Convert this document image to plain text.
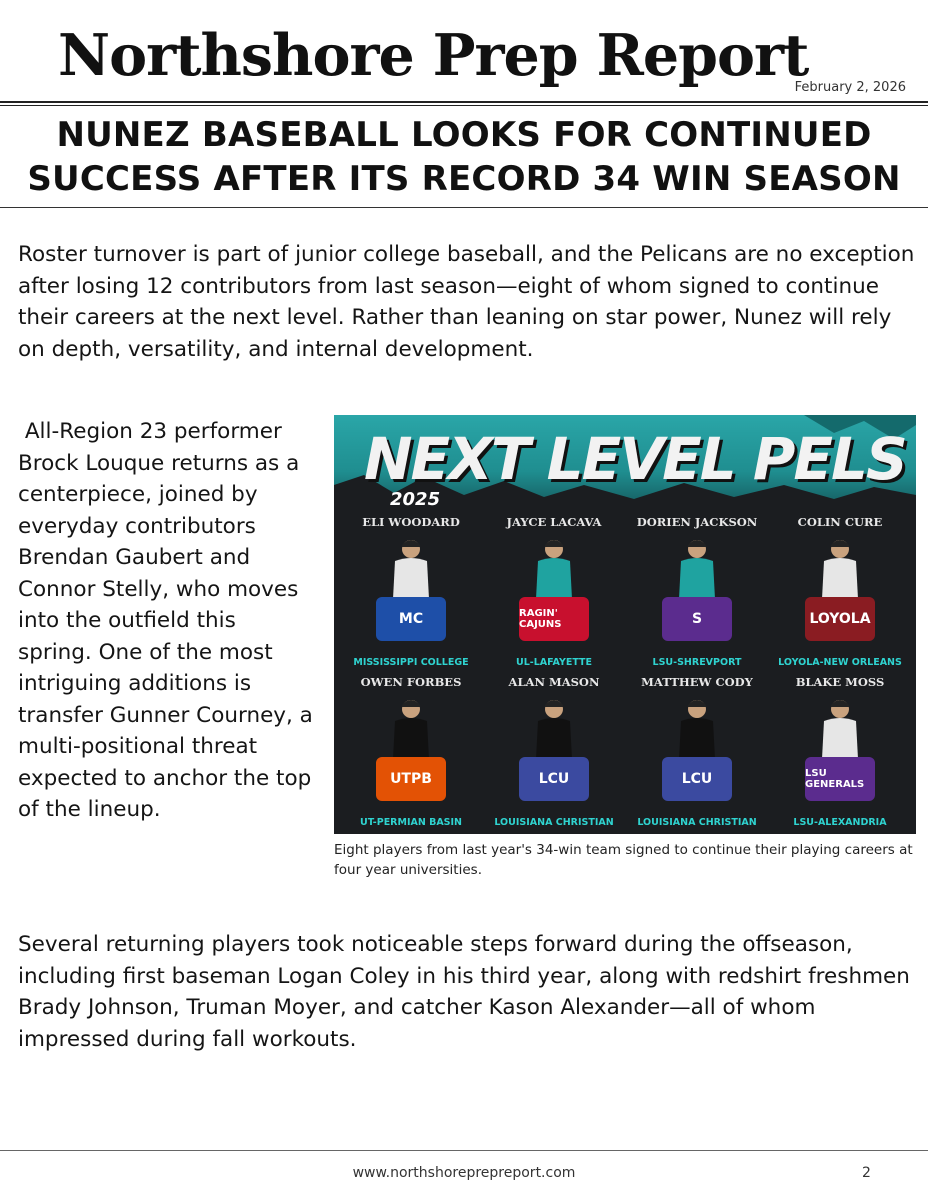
Northshore Prep Report
February 2, 2026
NUNEZ BASEBALL LOOKS FOR CONTINUED
SUCCESS AFTER ITS RECORD 34 WIN SEASON
Roster turnover is part of junior college baseball, and the Pelicans are no exception after losing 12 contributors from last season—eight of whom signed to continue their careers at the next level. Rather than leaning on star power, Nunez will rely on depth, versatility, and internal development.
All-Region 23 performer Brock Louque returns as a centerpiece, joined by everyday contributors Brendan Gaubert and Connor Stelly, who moves into the outfield this spring. One of the most intriguing additions is transfer Gunner Courney, a multi-positional threat expected to anchor the top of the lineup.
NEXT LEVEL PELS
2025
ELI WOODARD
MC
MISSISSIPPI COLLEGE
JAYCE LACAVA
RAGIN' CAJUNS
UL-LAFAYETTE
DORIEN JACKSON
S
LSU-SHREVPORT
COLIN CURE
LOYOLA
LOYOLA-NEW ORLEANS
OWEN FORBES
UTPB
UT-PERMIAN BASIN
ALAN MASON
LCU
LOUISIANA CHRISTIAN
MATTHEW CODY
LCU
LOUISIANA CHRISTIAN
BLAKE MOSS
LSU GENERALS
LSU-ALEXANDRIA
Eight players from last year's 34-win team signed to continue their playing careers at four year universities.
Several returning players took noticeable steps forward during the offseason, including first baseman Logan Coley in his third year, along with redshirt freshmen Brady Johnson, Truman Moyer, and catcher Kason Alexander—all of whom impressed during fall workouts.
www.northshoreprepreport.com	2
